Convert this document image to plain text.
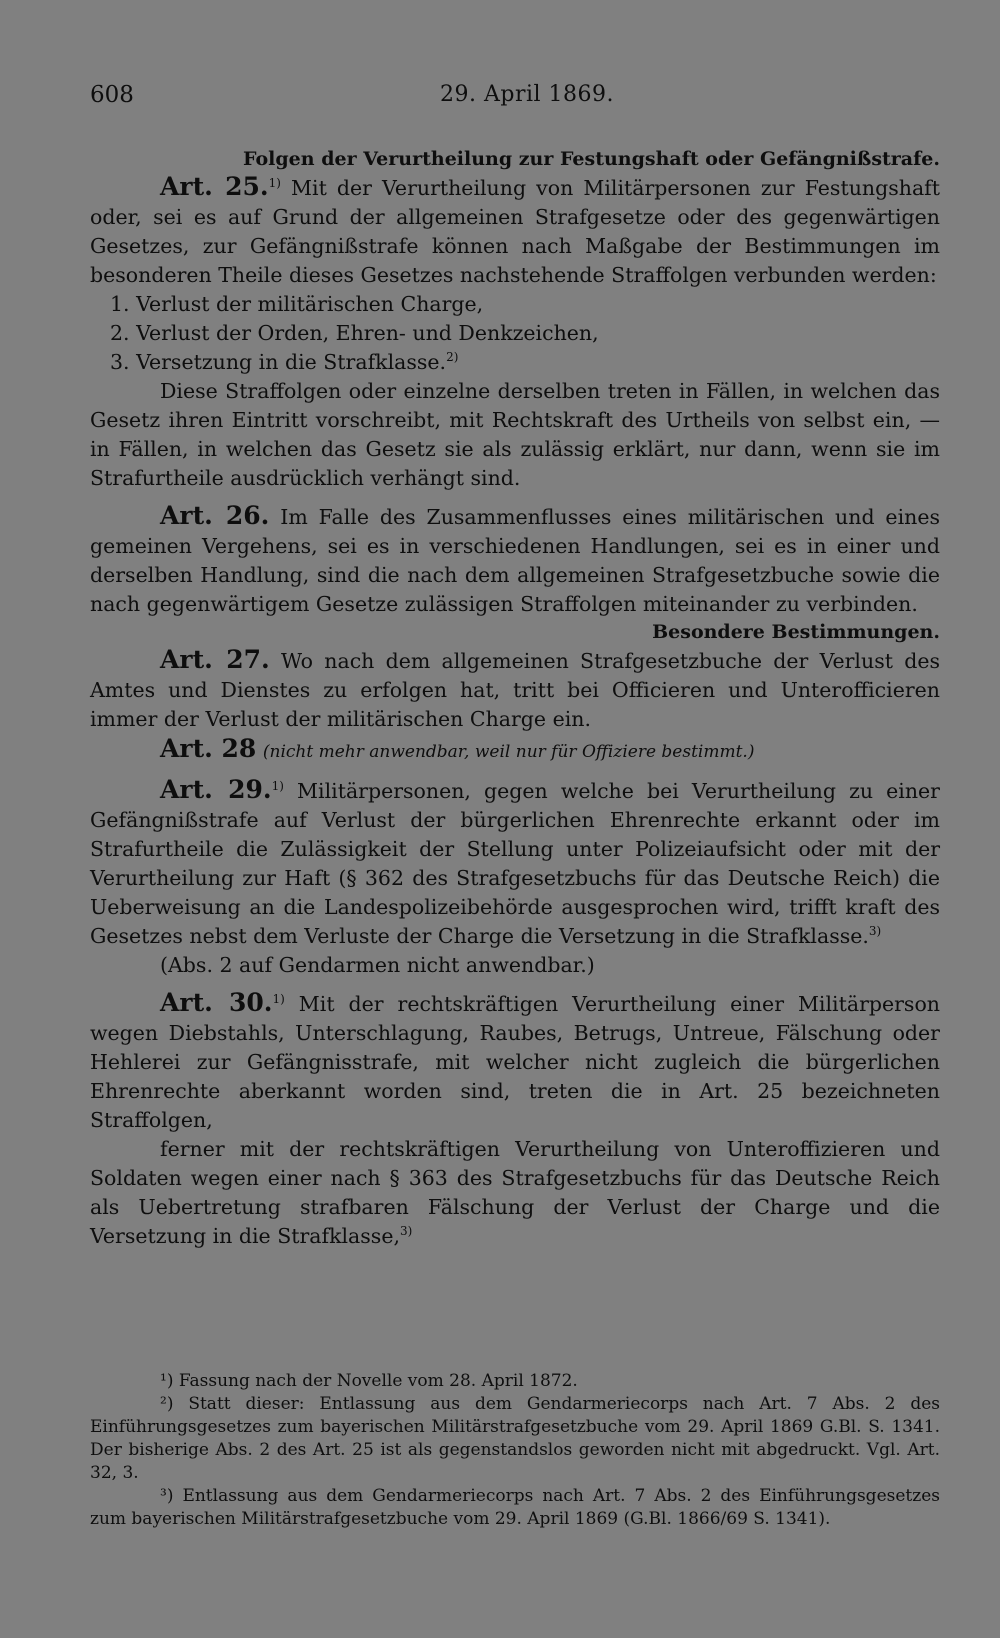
608	29. April 1869.

Folgen der Verurtheilung zur Festungshaft oder Gefängnißstrafe.

Art. 25.$^{1)}$ Mit der Verurtheilung von Militärpersonen zur Festungshaft oder, sei es auf Grund der allgemeinen Strafgesetze oder des gegenwärtigen Gesetzes, zur Gefängnißstrafe können nach Maßgabe der Bestimmungen im besonderen Theile dieses Gesetzes nachstehende Straffolgen verbunden werden:

1. Verlust der militärischen Charge,
2. Verlust der Orden, Ehren- und Denkzeichen,
3. Versetzung in die Strafklasse.$^{2)}$

Diese Straffolgen oder einzelne derselben treten in Fällen, in welchen das Gesetz ihren Eintritt vorschreibt, mit Rechtskraft des Urtheils von selbst ein, — in Fällen, in welchen das Gesetz sie als zulässig erklärt, nur dann, wenn sie im Strafurtheile ausdrücklich verhängt sind.

Art. 26. Im Falle des Zusammenflusses eines militärischen und eines gemeinen Vergehens, sei es in verschiedenen Handlungen, sei es in einer und derselben Handlung, sind die nach dem allgemeinen Strafgesetzbuche sowie die nach gegenwärtigem Gesetze zulässigen Straffolgen miteinander zu verbinden.

Besondere Bestimmungen.

Art. 27. Wo nach dem allgemeinen Strafgesetzbuche der Verlust des Amtes und Dienstes zu erfolgen hat, tritt bei Officieren und Unterofficieren immer der Verlust der militärischen Charge ein.

Art. 28 (nicht mehr anwendbar, weil nur für Offiziere bestimmt.)

Art. 29.$^{1)}$ Militärpersonen, gegen welche bei Verurtheilung zu einer Gefängnißstrafe auf Verlust der bürgerlichen Ehrenrechte erkannt oder im Strafurtheile die Zulässigkeit der Stellung unter Polizeiaufsicht oder mit der Verurtheilung zur Haft (§ 362 des Strafgesetzbuchs für das Deutsche Reich) die Ueberweisung an die Landespolizeibehörde ausgesprochen wird, trifft kraft des Gesetzes nebst dem Verluste der Charge die Versetzung in die Strafklasse.$^{3)}$

(Abs. 2 auf Gendarmen nicht anwendbar.)

Art. 30.$^{1)}$ Mit der rechtskräftigen Verurtheilung einer Militärperson wegen Diebstahls, Unterschlagung, Raubes, Betrugs, Untreue, Fälschung oder Hehlerei zur Gefängnisstrafe, mit welcher nicht zugleich die bürgerlichen Ehrenrechte aberkannt worden sind, treten die in Art. 25 bezeichneten Straffolgen,

ferner mit der rechtskräftigen Verurtheilung von Unteroffizieren und Soldaten wegen einer nach § 363 des Strafgesetzbuchs für das Deutsche Reich als Uebertretung strafbaren Fälschung der Verlust der Charge und die Versetzung in die Strafklasse,$^{3)}$

¹) Fassung nach der Novelle vom 28. April 1872.

²) Statt dieser: Entlassung aus dem Gendarmeriecorps nach Art. 7 Abs. 2 des Einführungsgesetzes zum bayerischen Militärstrafgesetzbuche vom 29. April 1869 G.Bl. S. 1341. Der bisherige Abs. 2 des Art. 25 ist als gegenstandslos geworden nicht mit abgedruckt. Vgl. Art. 32, 3.

³) Entlassung aus dem Gendarmeriecorps nach Art. 7 Abs. 2 des Einführungsgesetzes zum bayerischen Militärstrafgesetzbuche vom 29. April 1869 (G.Bl. 1866/69 S. 1341).
